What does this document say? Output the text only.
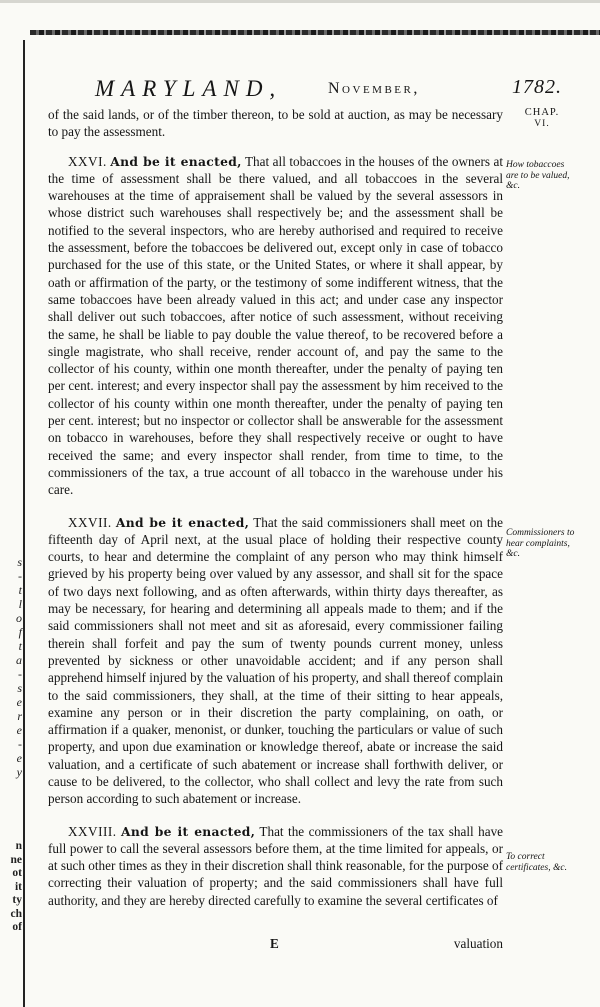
s
-
t
l
o
f
t
a
-
s
e
r
e
-
e
y
n
ne
ot
it
ty
ch
of
MARYLAND,	November,	1782.
CHAP.
VI.
How tobaccoes are to be valued, &c.
Commissioners to hear complaints, &c.
To correct certificates, &c.

of the said lands, or of the timber thereon, to be sold at auction, as may be necessary to pay the assessment.

XXVI. And be it enacted, That all tobaccoes in the houses of the owners at the time of assessment shall be there valued, and all tobaccoes in the several warehouses at the time of appraisement shall be valued by the several assessors in whose district such warehouses shall respectively be; and the assessment shall be notified to the several inspectors, who are hereby authorised and required to receive the assessment, before the tobaccoes be delivered out, except only in case of tobacco purchased for the use of this state, or the United States, or where it shall appear, by oath or affirmation of the party, or the testimony of some indifferent witness, that the same tobaccoes have been already valued in this act; and under case any inspector shall deliver out such tobaccoes, after notice of such assessment, without receiving the same, he shall be liable to pay double the value thereof, to be recovered before a single magistrate, who shall receive, render account of, and pay the same to the collector of his county, within one month thereafter, under the penalty of paying ten per cent. interest; and every inspector shall pay the assessment by him received to the collector of his county within one month thereafter, under the penalty of paying ten per cent. interest; but no inspector or collector shall be answerable for the assessment on tobacco in warehouses, before they shall respectively receive or ought to have received the same; and every inspector shall render, from time to time, to the commissioners of the tax, a true account of all tobacco in the warehouse under his care.

XXVII. And be it enacted, That the said commissioners shall meet on the fifteenth day of April next, at the usual place of holding their respective county courts, to hear and determine the complaint of any person who may think himself grieved by his property being over valued by any assessor, and shall sit for the space of two days next following, and as often afterwards, within thirty days thereafter, as may be necessary, for hearing and determining all appeals made to them; and if the said commissioners shall not meet and sit as aforesaid, every commissioner failing therein shall forfeit and pay the sum of twenty pounds current money, unless prevented by sickness or other unavoidable accident; and if any person shall apprehend himself injured by the valuation of his property, and shall thereof complain to the said commissioners, they shall, at the time of their sitting to hear appeals, examine any person or in their discretion the party complaining, on oath, or affirmation if a quaker, menonist, or dunker, touching the particulars or value of such property, and upon due examination or knowledge thereof, abate or increase the said valuation, and a certificate of such abatement or increase shall forthwith deliver, or cause to be delivered, to the collector, who shall collect and levy the rate from such person according to such abatement or increase.

XXVIII. And be it enacted, That the commissioners of the tax shall have full power to call the several assessors before them, at the time limited for appeals, or at such other times as they in their discretion shall think reasonable, for the purpose of correcting their valuation of property; and the said commissioners shall have full authority, and they are hereby directed carefully to examine the several certificates of

E	valuation
